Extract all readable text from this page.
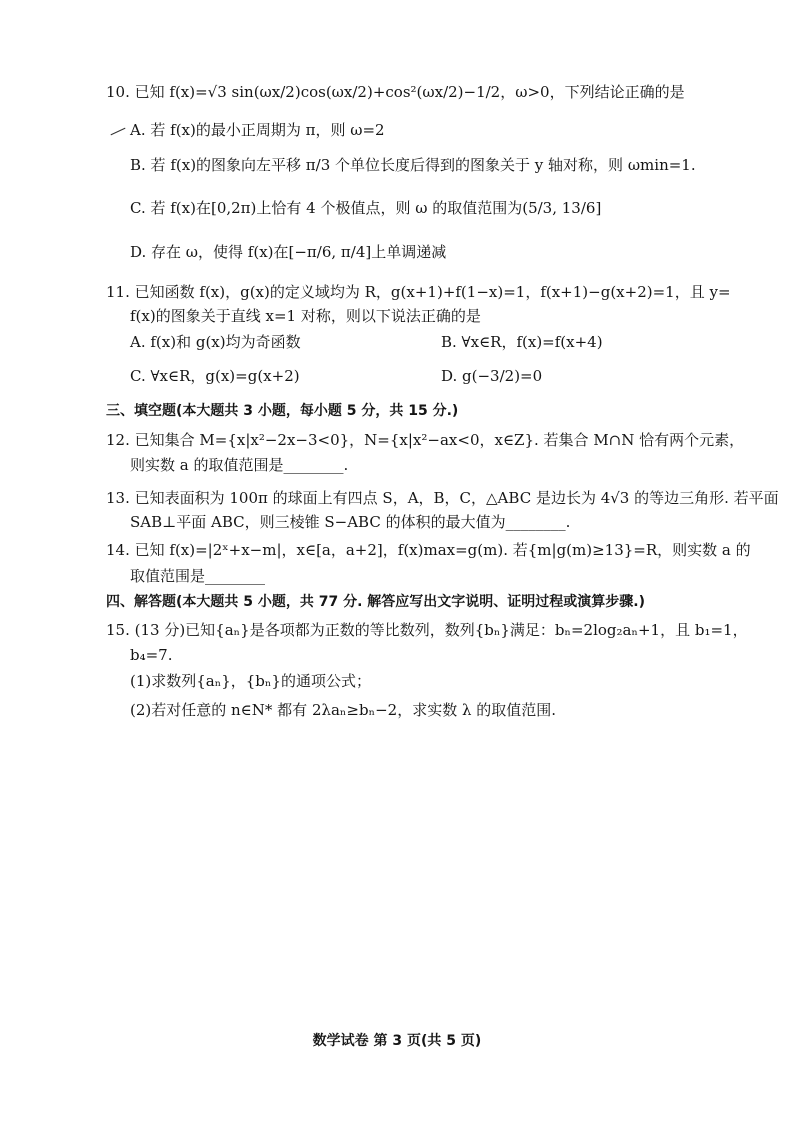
10. 已知 f(x)=√3 sin(ωx/2)cos(ωx/2)+cos²(ωx/2)−1/2，ω>0，下列结论正确的是
A. 若 f(x)的最小正周期为 π，则 ω=2
B. 若 f(x)的图象向左平移 π/3 个单位长度后得到的图象关于 y 轴对称，则 ωmin=1.
C. 若 f(x)在[0,2π)上恰有 4 个极值点，则 ω 的取值范围为(5/3, 13/6]
D. 存在 ω，使得 f(x)在[−π/6, π/4]上单调递减
11. 已知函数 f(x)，g(x)的定义域均为 R，g(x+1)+f(1−x)=1，f(x+1)−g(x+2)=1，且 y=
f(x)的图象关于直线 x=1 对称，则以下说法正确的是
A. f(x)和 g(x)均为奇函数	B. ∀x∈R，f(x)=f(x+4)
C. ∀x∈R，g(x)=g(x+2)	D. g(−3/2)=0
三、填空题(本大题共 3 小题，每小题 5 分，共 15 分.)
12. 已知集合 M={x|x²−2x−3<0}，N={x|x²−ax<0，x∈Z}. 若集合 M∩N 恰有两个元素，
则实数 a 的取值范围是________.
13. 已知表面积为 100π 的球面上有四点 S，A，B，C，△ABC 是边长为 4√3 的等边三角形. 若平面
SAB⊥平面 ABC，则三棱锥 S−ABC 的体积的最大值为________.
14. 已知 f(x)=|2ˣ+x−m|，x∈[a，a+2]，f(x)max=g(m). 若{m|g(m)≥13}=R，则实数 a 的
取值范围是________
四、解答题(本大题共 5 小题，共 77 分. 解答应写出文字说明、证明过程或演算步骤.)
15. (13 分)已知{aₙ}是各项都为正数的等比数列，数列{bₙ}满足：bₙ=2log₂aₙ+1，且 b₁=1，
b₄=7.
(1)求数列{aₙ}，{bₙ}的通项公式；
(2)若对任意的 n∈N* 都有 2λaₙ≥bₙ−2，求实数 λ 的取值范围.
数学试卷 第 3 页(共 5 页)
